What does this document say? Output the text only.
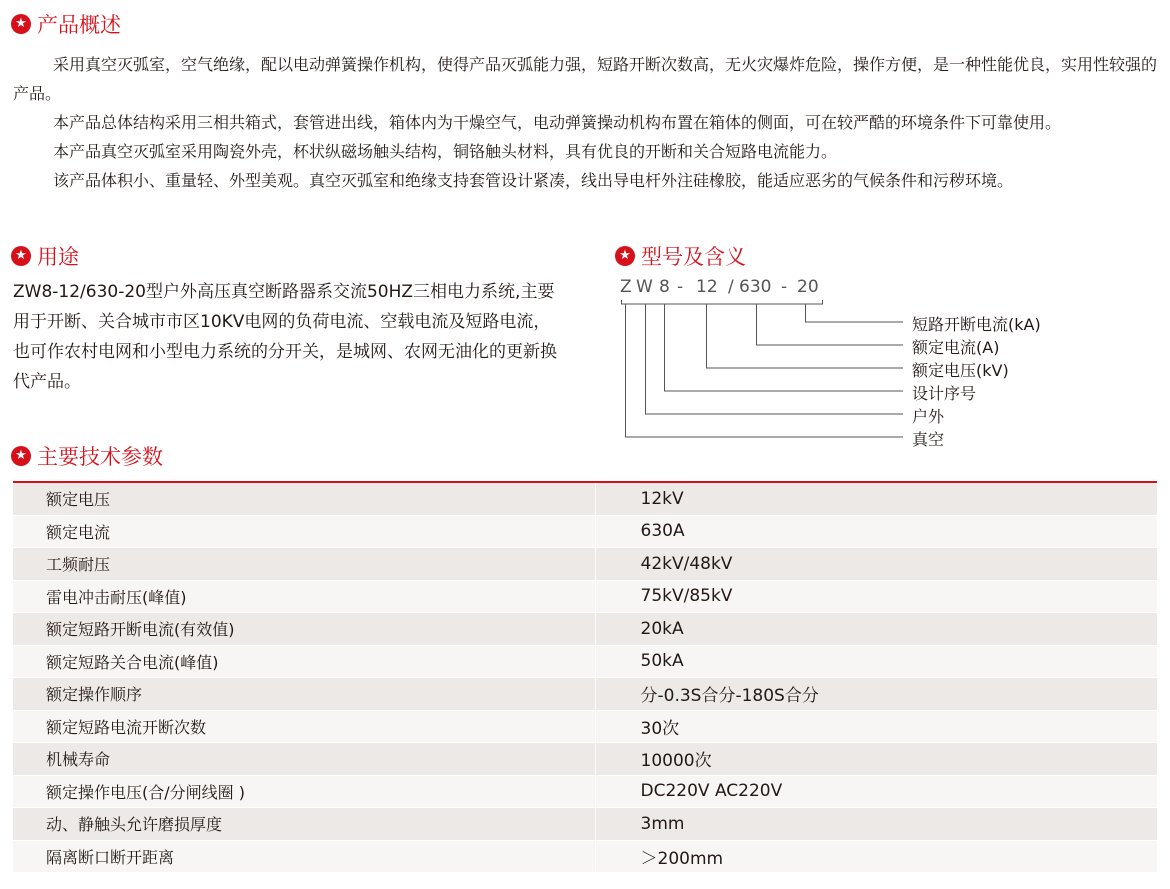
★ 产品概述

采用真空灭弧室，空气绝缘，配以电动弹簧操作机构，使得产品灭弧能力强，短路开断次数高，无火灾爆炸危险，操作方便，是一种性能优良，实用性较强的产品。

本产品总体结构采用三相共箱式，套管进出线，箱体内为干燥空气，电动弹簧操动机构布置在箱体的侧面，可在较严酷的环境条件下可靠使用。

本产品真空灭弧室采用陶瓷外壳，杯状纵磁场触头结构，铜铬触头材料，具有优良的开断和关合短路电流能力。

该产品体积小、重量轻、外型美观。真空灭弧室和绝缘支持套管设计紧凑，线出导电杆外注硅橡胶，能适应恶劣的气候条件和污秽环境。

★ 用途
ZW8-12/630-20型户外高压真空断路器系交流50HZ三相电力系统,主要用于开断、关合城市市区10KV电网的负荷电流、空载电流及短路电流，也可作农村电网和小型电力系统的分开关，是城网、农网无油化的更新换代产品。
★ 型号及含义
Z W 8 - 12 / 630 - 20
短路开断电流(kA)
额定电流(A)
额定电压(kV)
设计序号
户外
真空
★ 主要技术参数
额定电压	12kV
额定电流	630A
工频耐压	42kV/48kV
雷电冲击耐压(峰值)	75kV/85kV
额定短路开断电流(有效值)	20kA
额定短路关合电流(峰值)	50kA
额定操作顺序	分-0.3S合分-180S合分
额定短路电流开断次数	30次
机械寿命	10000次
额定操作电压(合/分闸线圈 )	DC220V AC220V
动、静触头允许磨损厚度	3mm
隔离断口断开距离	＞200mm
